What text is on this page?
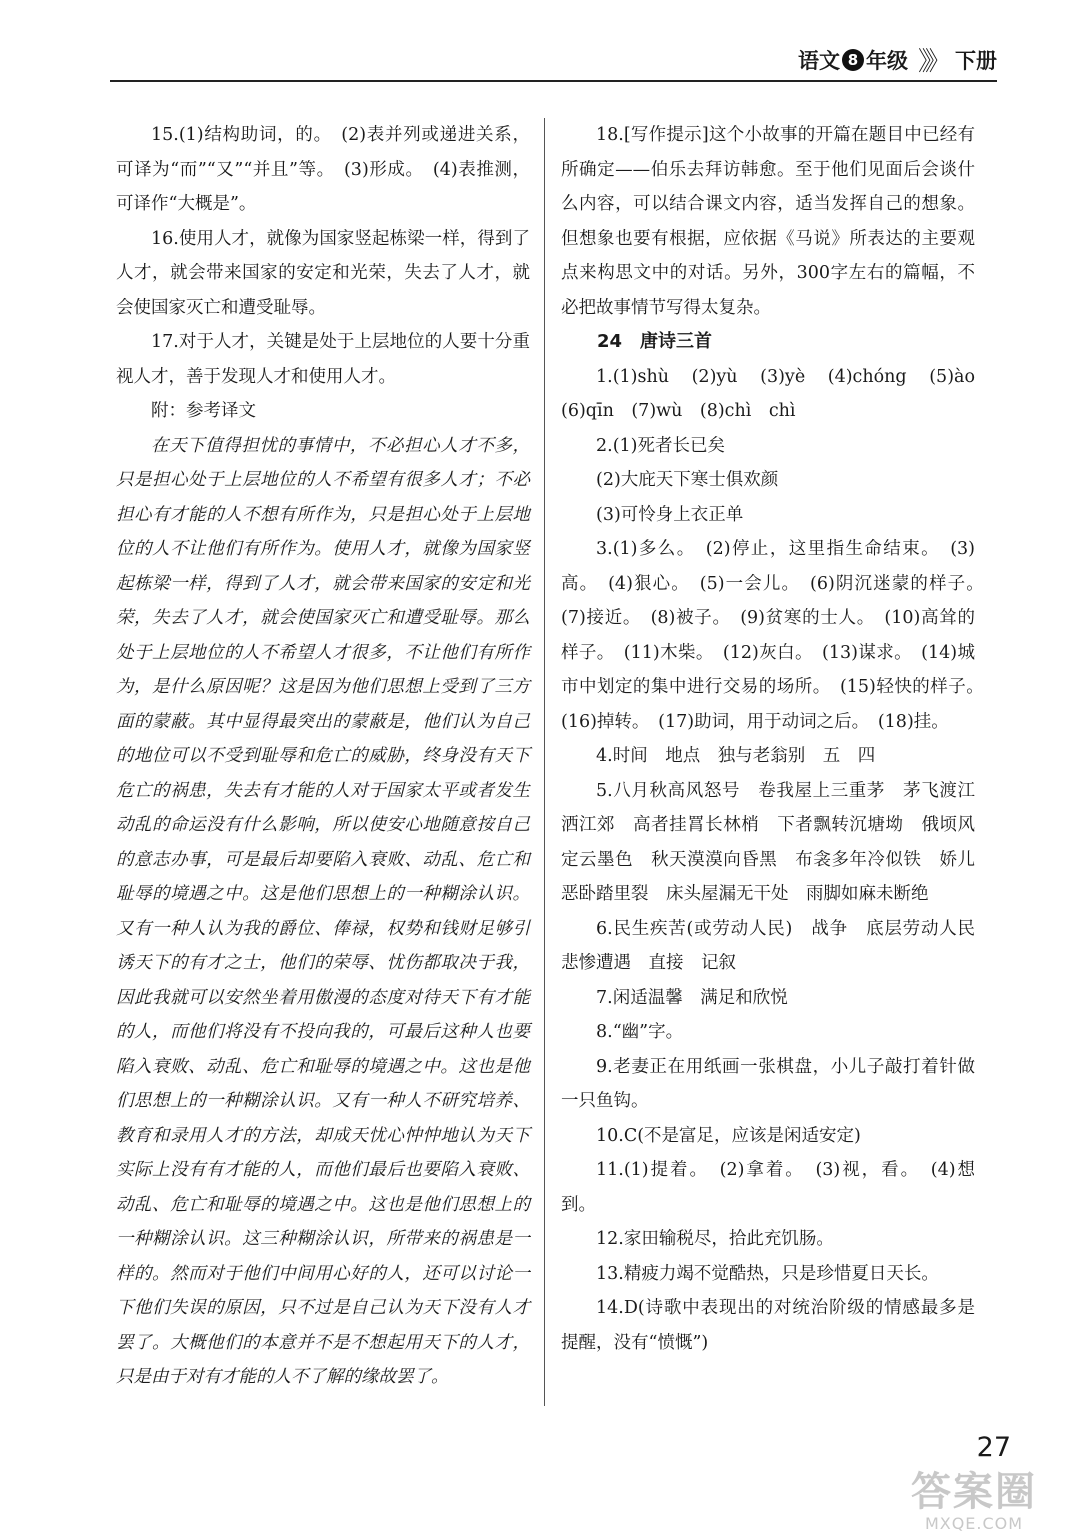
语文 8 年级 》》 下册

15.(1)结构助词，的。　(2)表并列或递进关系，可译为“而”“又”“并且”等。　(3)形成。　(4)表推测，可译作“大概是”。

16.使用人才，就像为国家竖起栋梁一样，得到了人才，就会带来国家的安定和光荣，失去了人才，就会使国家灭亡和遭受耻辱。

17.对于人才，关键是处于上层地位的人要十分重视人才，善于发现人才和使用人才。

附：参考译文

在天下值得担忧的事情中，不必担心人才不多，只是担心处于上层地位的人不希望有很多人才；不必担心有才能的人不想有所作为，只是担心处于上层地位的人不让他们有所作为。使用人才，就像为国家竖起栋梁一样，得到了人才，就会带来国家的安定和光荣，失去了人才，就会使国家灭亡和遭受耻辱。那么处于上层地位的人不希望人才很多，不让他们有所作为，是什么原因呢？这是因为他们思想上受到了三方面的蒙蔽。其中显得最突出的蒙蔽是，他们认为自己的地位可以不受到耻辱和危亡的威胁，终身没有天下危亡的祸患，失去有才能的人对于国家太平或者发生动乱的命运没有什么影响，所以使安心地随意按自己的意志办事，可是最后却要陷入衰败、动乱、危亡和耻辱的境遇之中。这是他们思想上的一种糊涂认识。又有一种人认为我的爵位、俸禄，权势和钱财足够引诱天下的有才之士，他们的荣辱、忧伤都取决于我，因此我就可以安然坐着用傲漫的态度对待天下有才能的人，而他们将没有不投向我的，可最后这种人也要陷入衰败、动乱、危亡和耻辱的境遇之中。这也是他们思想上的一种糊涂认识。又有一种人不研究培养、教育和录用人才的方法，却成天忧心忡忡地认为天下实际上没有有才能的人，而他们最后也要陷入衰败、动乱、危亡和耻辱的境遇之中。这也是他们思想上的一种糊涂认识。这三种糊涂认识，所带来的祸患是一样的。然而对于他们中间用心好的人，还可以讨论一下他们失误的原因，只不过是自己认为天下没有人才罢了。大概他们的本意并不是不想起用天下的人才，只是由于对有才能的人不了解的缘故罢了。

18.[写作提示]这个小故事的开篇在题目中已经有所确定——伯乐去拜访韩愈。至于他们见面后会谈什么内容，可以结合课文内容，适当发挥自己的想象。但想象也要有根据，应依据《马说》所表达的主要观点来构思文中的对话。另外，300字左右的篇幅，不必把故事情节写得太复杂。

24　唐诗三首

1.(1)shù　(2)yù　(3)yè　(4)chóng　(5)ào　(6)qīn　(7)wù　(8)chì　chì

2.(1)死者长已矣

(2)大庇天下寒士俱欢颜

(3)可怜身上衣正单

3.(1)多么。　(2)停止，这里指生命结束。　(3)高。　(4)狠心。　(5)一会儿。　(6)阴沉迷蒙的样子。　(7)接近。　(8)被子。　(9)贫寒的士人。　(10)高耸的样子。　(11)木柴。　(12)灰白。　(13)谋求。　(14)城市中划定的集中进行交易的场所。　(15)轻快的样子。　(16)掉转。　(17)助词，用于动词之后。　(18)挂。

4.时间　地点　独与老翁别　五　四

5.八月秋高风怒号　卷我屋上三重茅　茅飞渡江洒江郊　高者挂罥长林梢　下者飘转沉塘坳　俄顷风定云墨色　秋天漠漠向昏黑　布衾多年冷似铁　娇儿恶卧踏里裂　床头屋漏无干处　雨脚如麻未断绝

6.民生疾苦(或劳动人民)　战争　底层劳动人民悲惨遭遇　直接　记叙

7.闲适温馨　满足和欣悦

8.“幽”字。

9.老妻正在用纸画一张棋盘，小儿子敲打着针做一只鱼钩。

10.C(不是富足，应该是闲适安定)

11.(1)提着。　(2)拿着。　(3)视，看。　(4)想到。

12.家田输税尽，拾此充饥肠。

13.精疲力竭不觉酷热，只是珍惜夏日天长。

14.D(诗歌中表现出的对统治阶级的情感最多是提醒，没有“愤慨”)

27
答案圈
MXQE.COM
